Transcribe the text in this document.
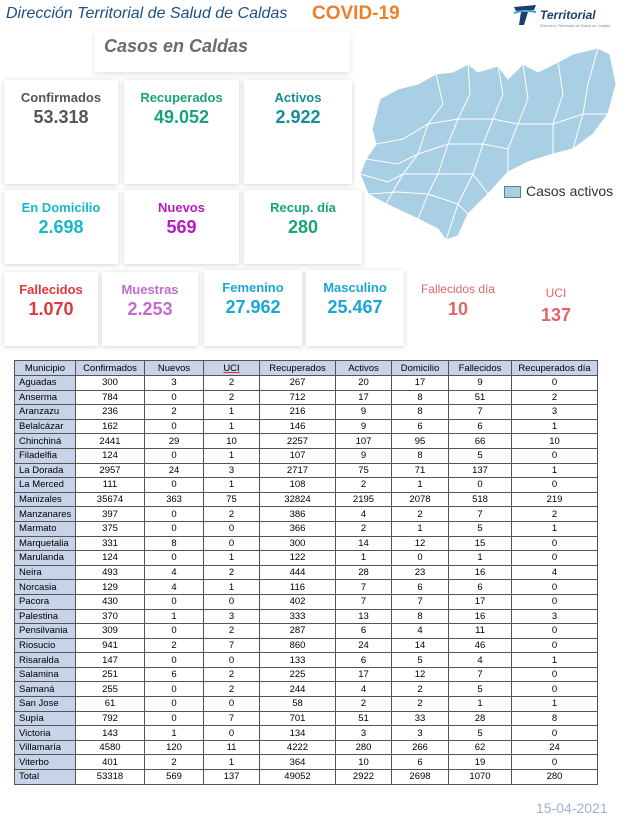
Dirección Territorial de Salud de Caldas COVID-19	Territorial
Dirección Territorial de Salud de Caldas
Casos en Caldas
Confirmados
53.318
Recuperados
49.052
Activos
2.922
En Domicilio
2.698
Nuevos
569
Recup. día
280
Fallecidos
1.070
Muestras
2.253
Femenino
27.962
Masculino
25.467
Fallecidos día
10
UCI
137
Casos activos
Municipio	Confirmados	Nuevos	UCI	Recuperados	Activos	Domicilio	Fallecidos	Recuperados día
Aguadas	300	3	2	267	20	17	9	0
Anserma	784	0	2	712	17	8	51	2
Aranzazu	236	2	1	216	9	8	7	3
Belalcázar	162	0	1	146	9	6	6	1
Chinchiná	2441	29	10	2257	107	95	66	10
Filadelfia	124	0	1	107	9	8	5	0
La Dorada	2957	24	3	2717	75	71	137	1
La Merced	111	0	1	108	2	1	0	0
Manizales	35674	363	75	32824	2195	2078	518	219
Manzanares	397	0	2	386	4	2	7	2
Marmato	375	0	0	366	2	1	5	1
Marquetalia	331	8	0	300	14	12	15	0
Marulanda	124	0	1	122	1	0	1	0
Neira	493	4	2	444	28	23	16	4
Norcasia	129	4	1	116	7	6	6	0
Pacora	430	0	0	402	7	7	17	0
Palestina	370	1	3	333	13	8	16	3
Pensilvania	309	0	2	287	6	4	11	0
Riosucio	941	2	7	860	24	14	46	0
Risaralda	147	0	0	133	6	5	4	1
Salamina	251	6	2	225	17	12	7	0
Samaná	255	0	2	244	4	2	5	0
San Jose	61	0	0	58	2	2	1	1
Supía	792	0	7	701	51	33	28	8
Victoria	143	1	0	134	3	3	5	0
Villamaría	4580	120	11	4222	280	266	62	24
Viterbo	401	2	1	364	10	6	19	0
Total	53318	569	137	49052	2922	2698	1070	280
15-04-2021
